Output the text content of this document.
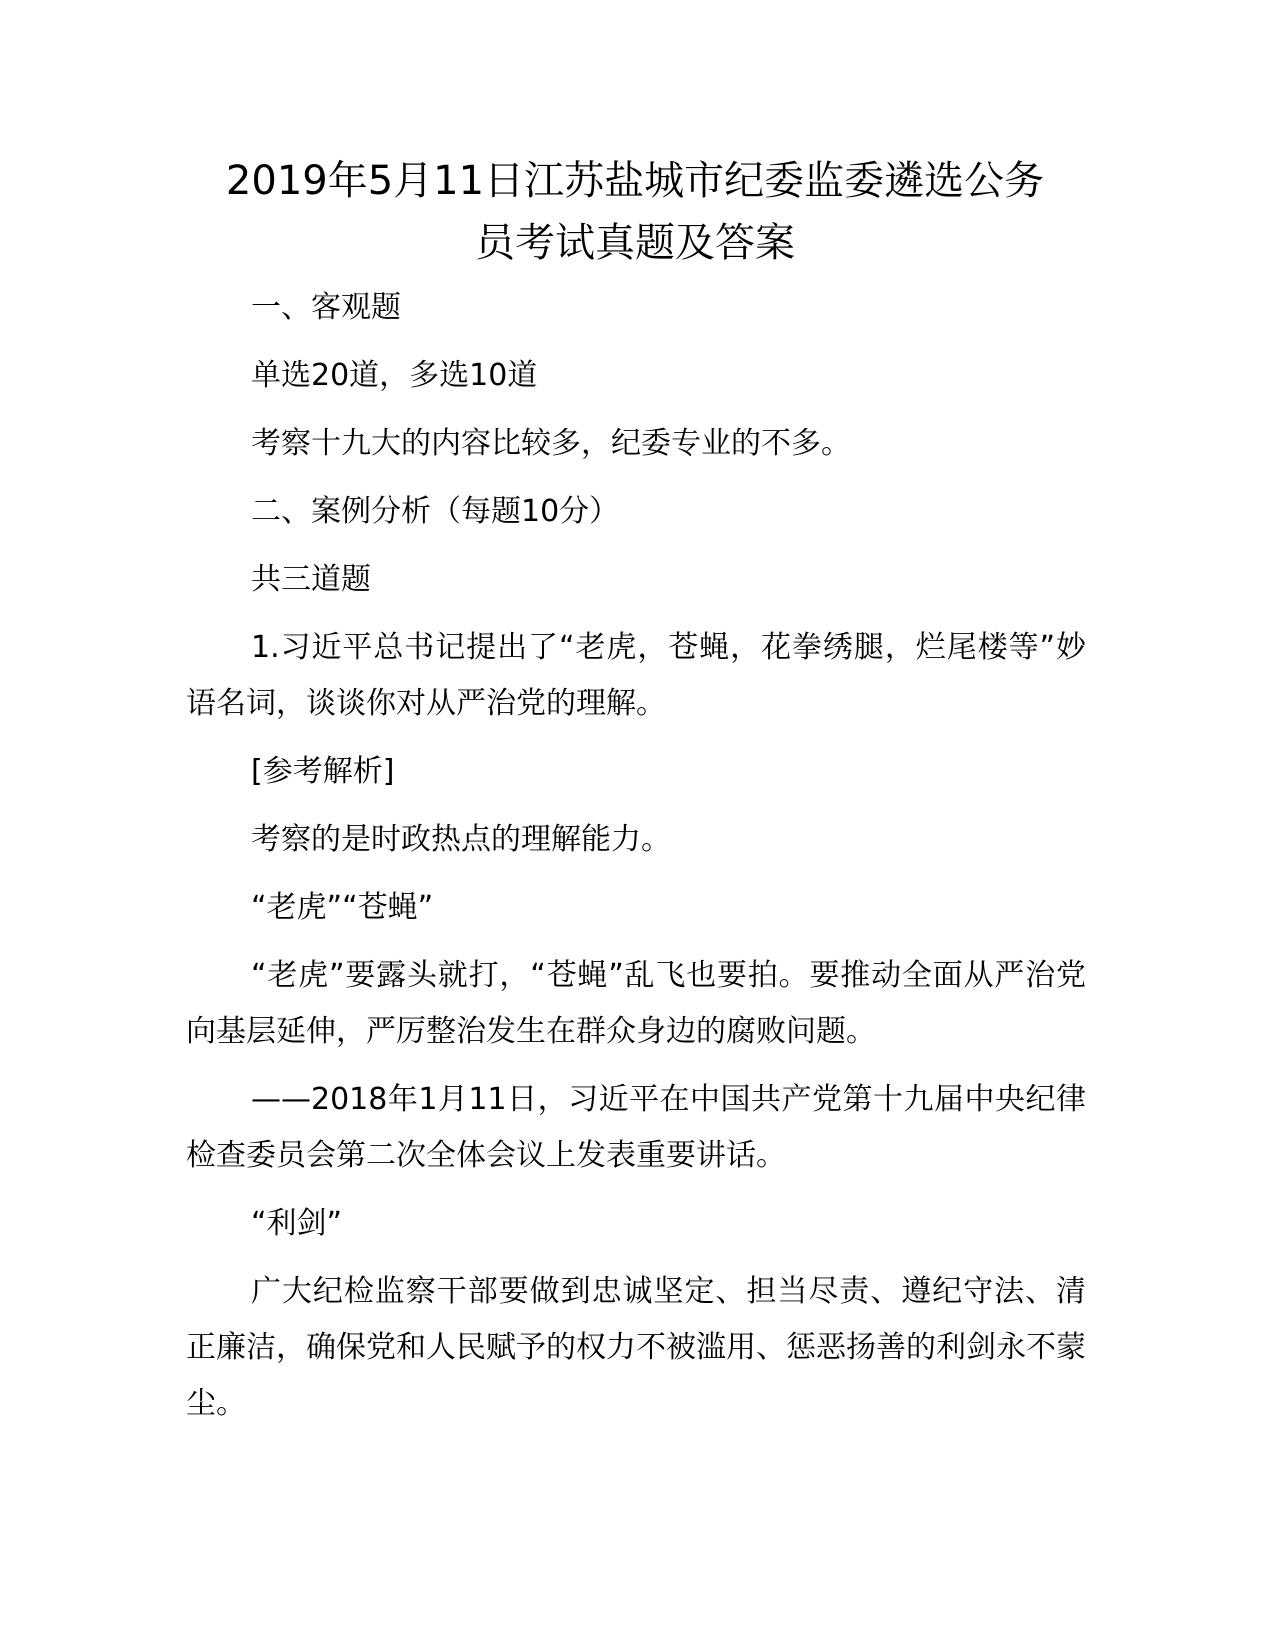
2019年5月11日江苏盐城市纪委监委遴选公务
员考试真题及答案

一、客观题

单选20道，多选10道

考察十九大的内容比较多，纪委专业的不多。

二、案例分析（每题10分）

共三道题

1.习近平总书记提出了“老虎，苍蝇，花拳绣腿，烂尾楼等”妙语名词，谈谈你对从严治党的理解。

[参考解析]

考察的是时政热点的理解能力。

“老虎”“苍蝇”

“老虎”要露头就打，“苍蝇”乱飞也要拍。要推动全面从严治党向基层延伸，严厉整治发生在群众身边的腐败问题。

——2018年1月11日，习近平在中国共产党第十九届中央纪律检查委员会第二次全体会议上发表重要讲话。

“利剑”

广大纪检监察干部要做到忠诚坚定、担当尽责、遵纪守法、清正廉洁，确保党和人民赋予的权力不被滥用、惩恶扬善的利剑永不蒙尘。
